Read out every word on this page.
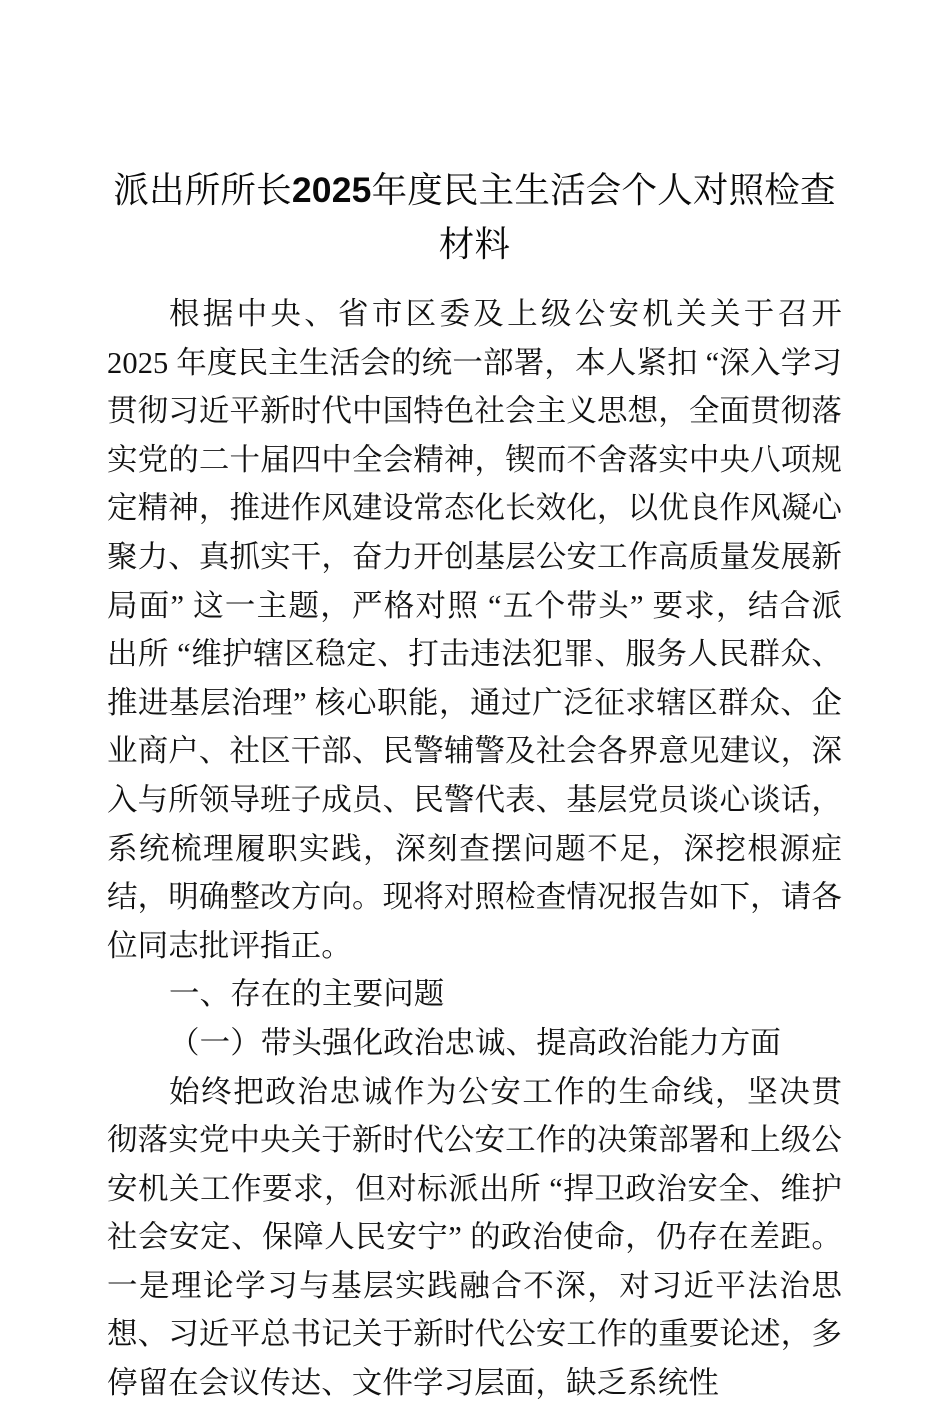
派出所所长2025年度民主生活会个人对照检查材料

根据中央、省市区委及上级公安机关关于召开 2025 年度民主生活会的统一部署，本人紧扣 “深入学习贯彻习近平新时代中国特色社会主义思想，全面贯彻落实党的二十届四中全会精神，锲而不舍落实中央八项规定精神，推进作风建设常态化长效化，以优良作风凝心聚力、真抓实干，奋力开创基层公安工作高质量发展新局面” 这一主题，严格对照 “五个带头” 要求，结合派出所 “维护辖区稳定、打击违法犯罪、服务人民群众、推进基层治理” 核心职能，通过广泛征求辖区群众、企业商户、社区干部、民警辅警及社会各界意见建议，深入与所领导班子成员、民警代表、基层党员谈心谈话，系统梳理履职实践，深刻查摆问题不足，深挖根源症结，明确整改方向。现将对照检查情况报告如下，请各位同志批评指正。

一、存在的主要问题

（一）带头强化政治忠诚、提高政治能力方面

始终把政治忠诚作为公安工作的生命线，坚决贯彻落实党中央关于新时代公安工作的决策部署和上级公安机关工作要求，但对标派出所 “捍卫政治安全、维护社会安定、保障人民安宁” 的政治使命，仍存在差距。一是理论学习与基层实践融合不深，对习近平法治思想、习近平总书记关于新时代公安工作的重要论述，多停留在会议传达、文件学习层面，缺乏系统性
